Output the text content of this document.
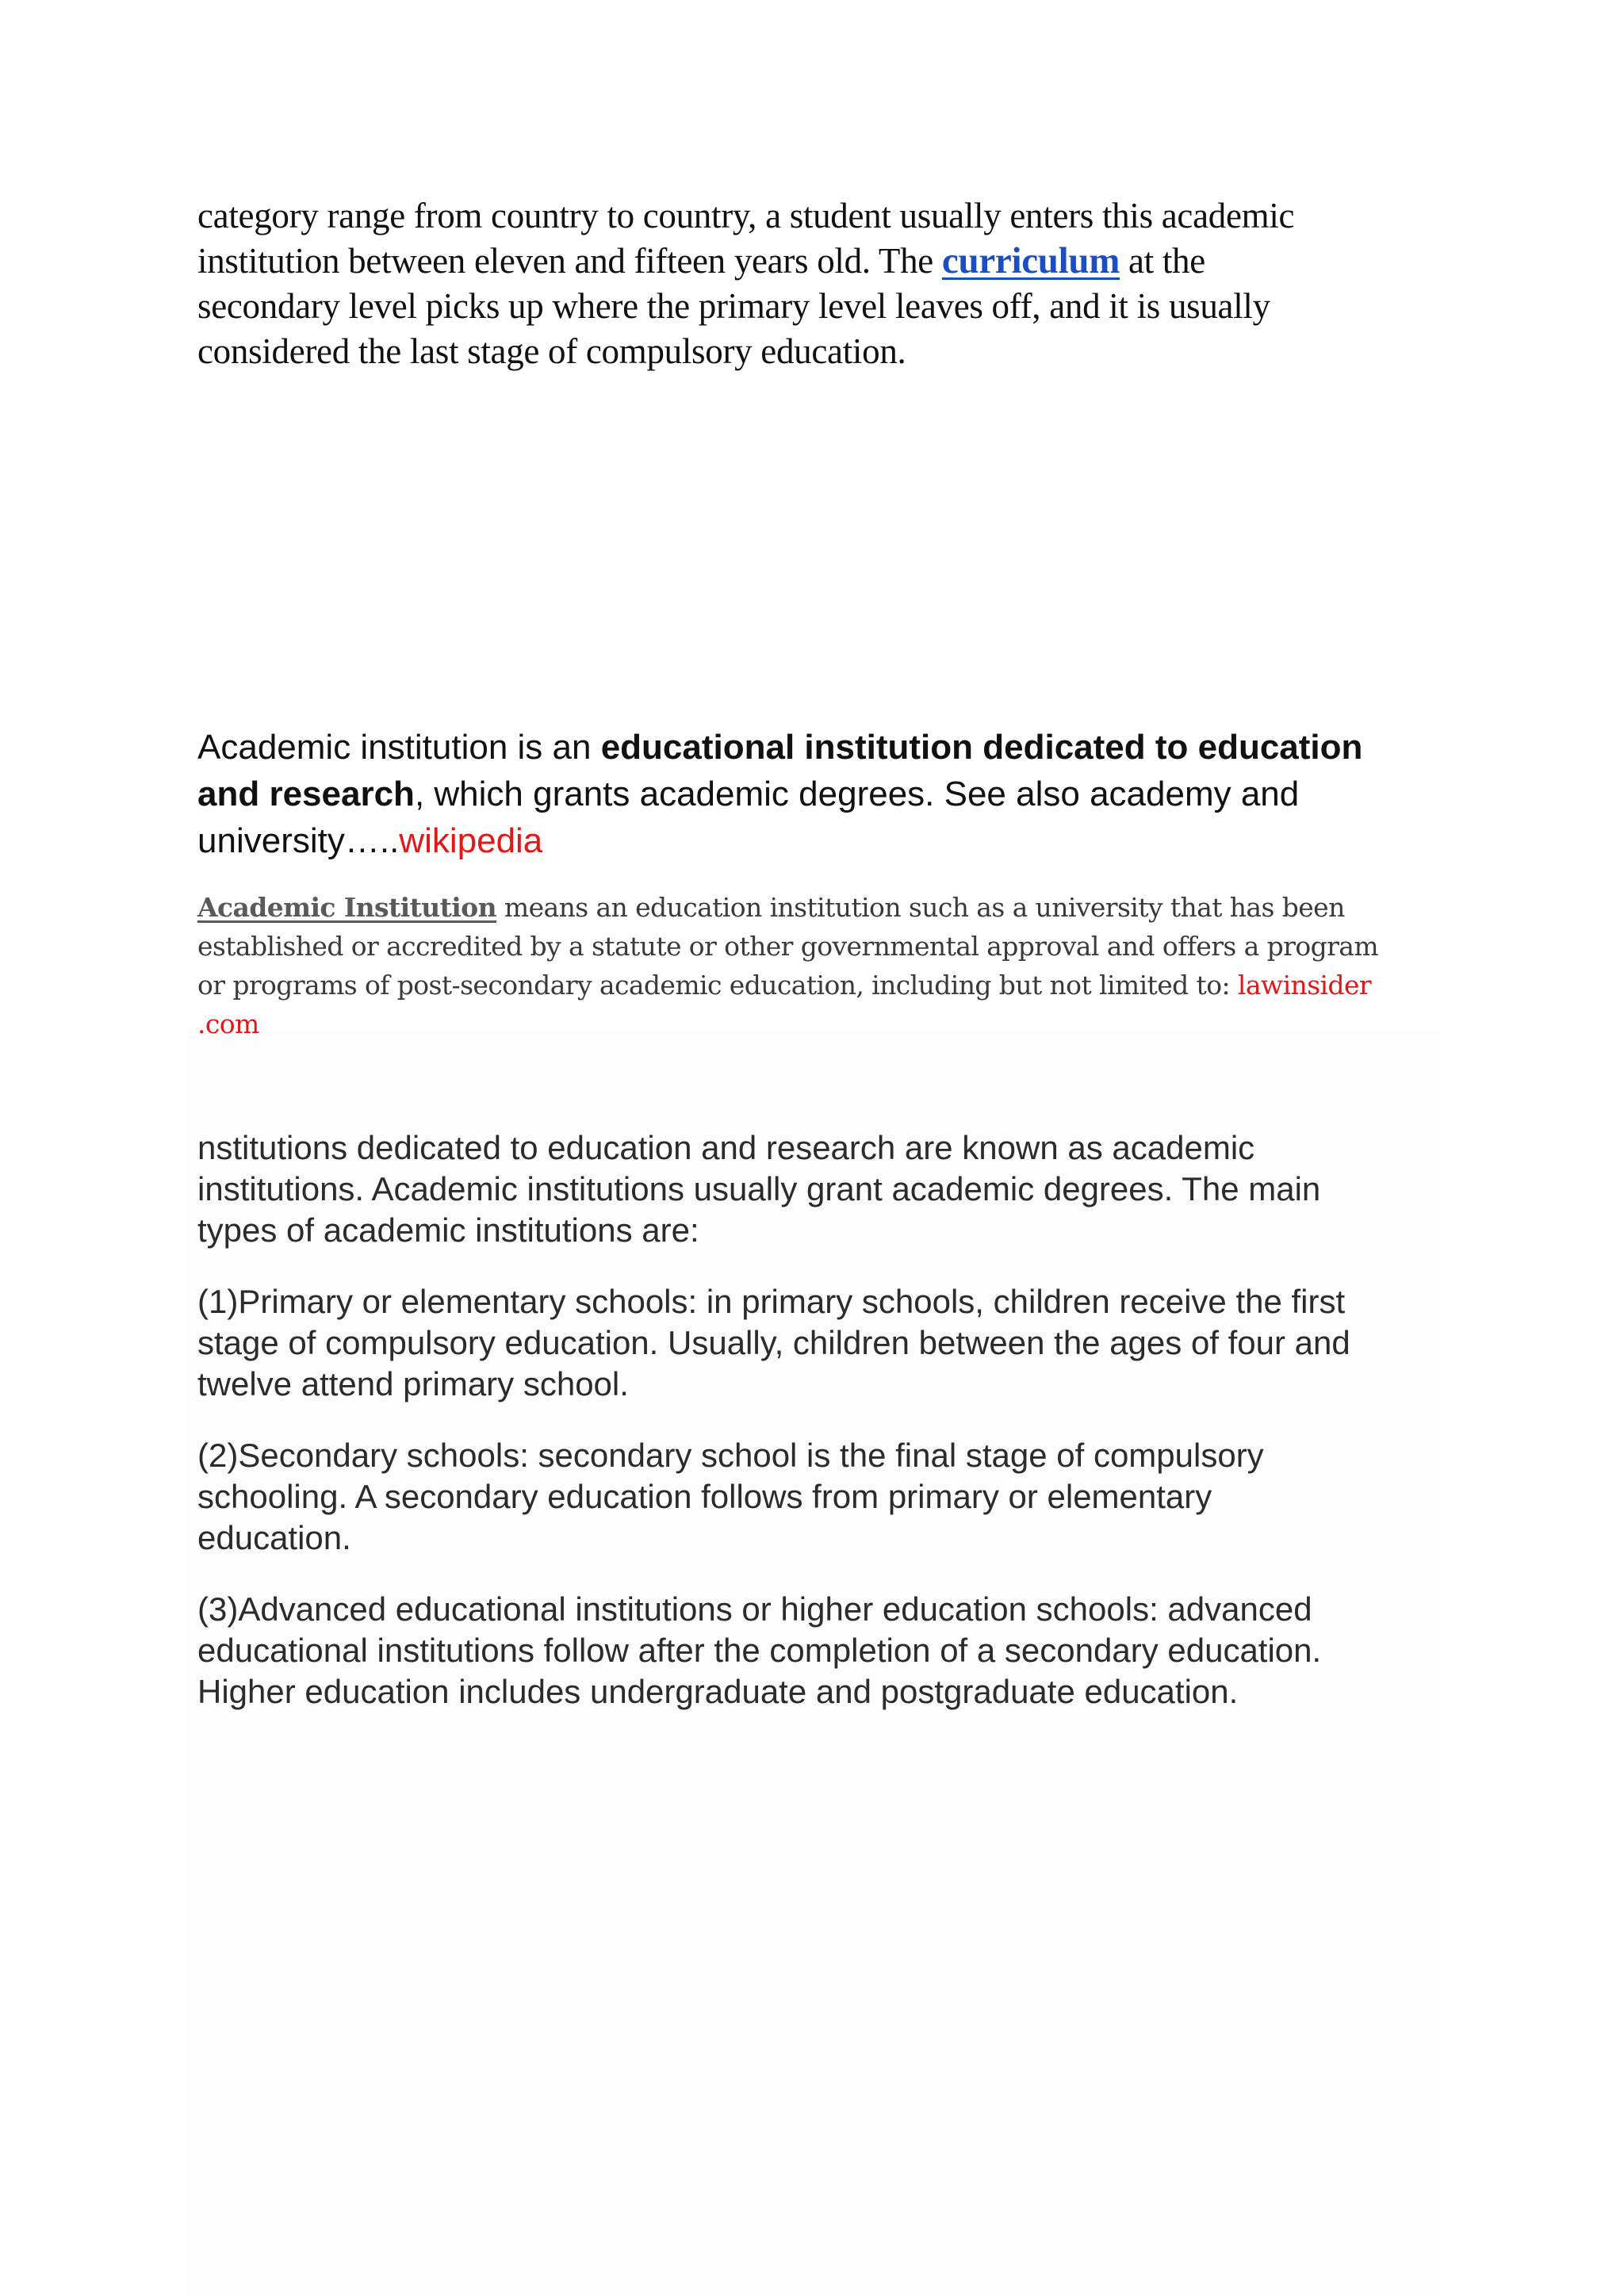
category range from country to country, a student usually enters this academic
institution between eleven and fifteen years old. The curriculum at the
secondary level picks up where the primary level leaves off, and it is usually
considered the last stage of compulsory education.
Academic institution is an educational institution dedicated to education
and research, which grants academic degrees. See also academy and
university…..wikipedia
Academic Institution means an education institution such as a university that has been
established or accredited by a statute or other governmental approval and offers a program
or programs of post-secondary academic education, including but not limited to: lawinsider
.com
nstitutions dedicated to education and research are known as academic
institutions. Academic institutions usually grant academic degrees. The main
types of academic institutions are:
(1)Primary or elementary schools: in primary schools, children receive the first
stage of compulsory education. Usually, children between the ages of four and
twelve attend primary school.
(2)Secondary schools: secondary school is the final stage of compulsory
schooling. A secondary education follows from primary or elementary
education.
(3)Advanced educational institutions or higher education schools: advanced
educational institutions follow after the completion of a secondary education.
Higher education includes undergraduate and postgraduate education.
